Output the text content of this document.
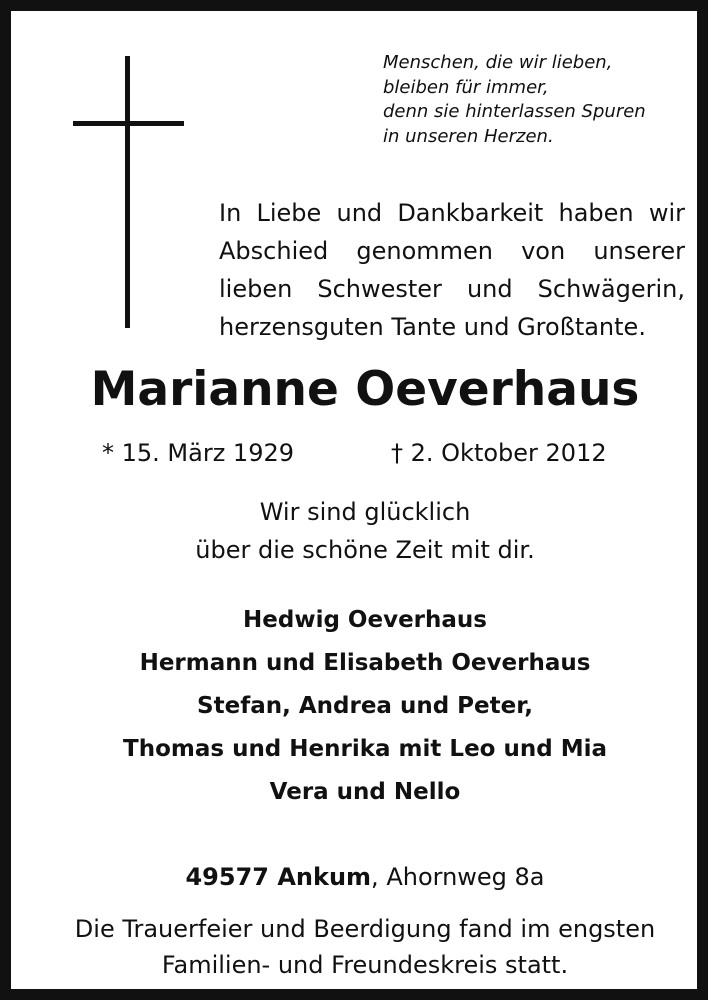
Menschen, die wir lieben,
bleiben für immer,
denn sie hinterlassen Spuren
in unseren Herzen.
In Liebe und Dankbarkeit haben wir
Abschied genommen von unserer
lieben Schwester und Schwägerin,
herzensguten Tante und Großtante.
Marianne Oeverhaus
* 15. März 1929	† 2. Oktober 2012
Wir sind glücklich
über die schöne Zeit mit dir.
Hedwig Oeverhaus
Hermann und Elisabeth Oeverhaus
Stefan, Andrea und Peter,
Thomas und Henrika mit Leo und Mia
Vera und Nello
49577 Ankum, Ahornweg 8a
Die Trauerfeier und Beerdigung fand im engsten
Familien- und Freundeskreis statt.
